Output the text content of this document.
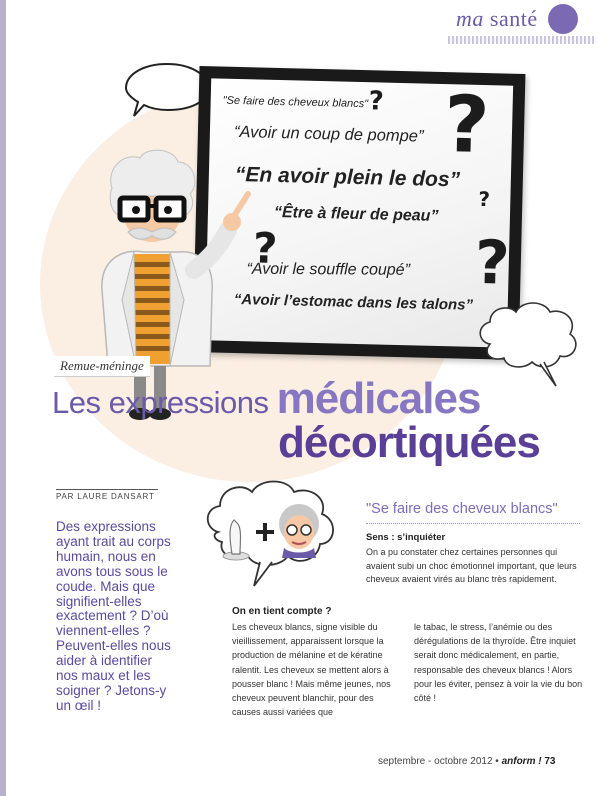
ma santé
"Se faire des cheveux blancs"
“Avoir un coup de pompe”
“En avoir plein le dos”
“Être à fleur de peau”
“Avoir le souffle coupé”
“Avoir l’estomac dans les talons”
? ?
?
?	?
Remue-méninge
Les expressions médicales
décortiquées
PAR LAURE DANSART
Des expressions ayant trait au corps humain, nous en avons tous sous le coude. Mais que signifient-elles exactement ? D’où viennent-elles ? Peuvent-elles nous aider à identifier nos maux et les soigner ? Jetons-y un œil !
"Se faire des cheveux blancs"
Sens : s’inquiéter
On a pu constater chez certaines personnes qui avaient subi un choc émotionnel important, que leurs cheveux avaient virés au blanc très rapidement.
On en tient compte ?
Les cheveux blancs, signe visible du vieillissement, apparaissent lorsque la production de mélanine et de kératine ralentit. Les cheveux se mettent alors à pousser blanc ! Mais même jeunes, nos cheveux peuvent blanchir, pour des causes aussi variées que
le tabac, le stress, l’anémie ou des dérégulations de la thyroïde. Être inquiet serait donc médicalement, en partie, responsable des cheveux blancs ! Alors pour les éviter, pensez à voir la vie du bon côté !
septembre - octobre 2012 • anform ! 73
